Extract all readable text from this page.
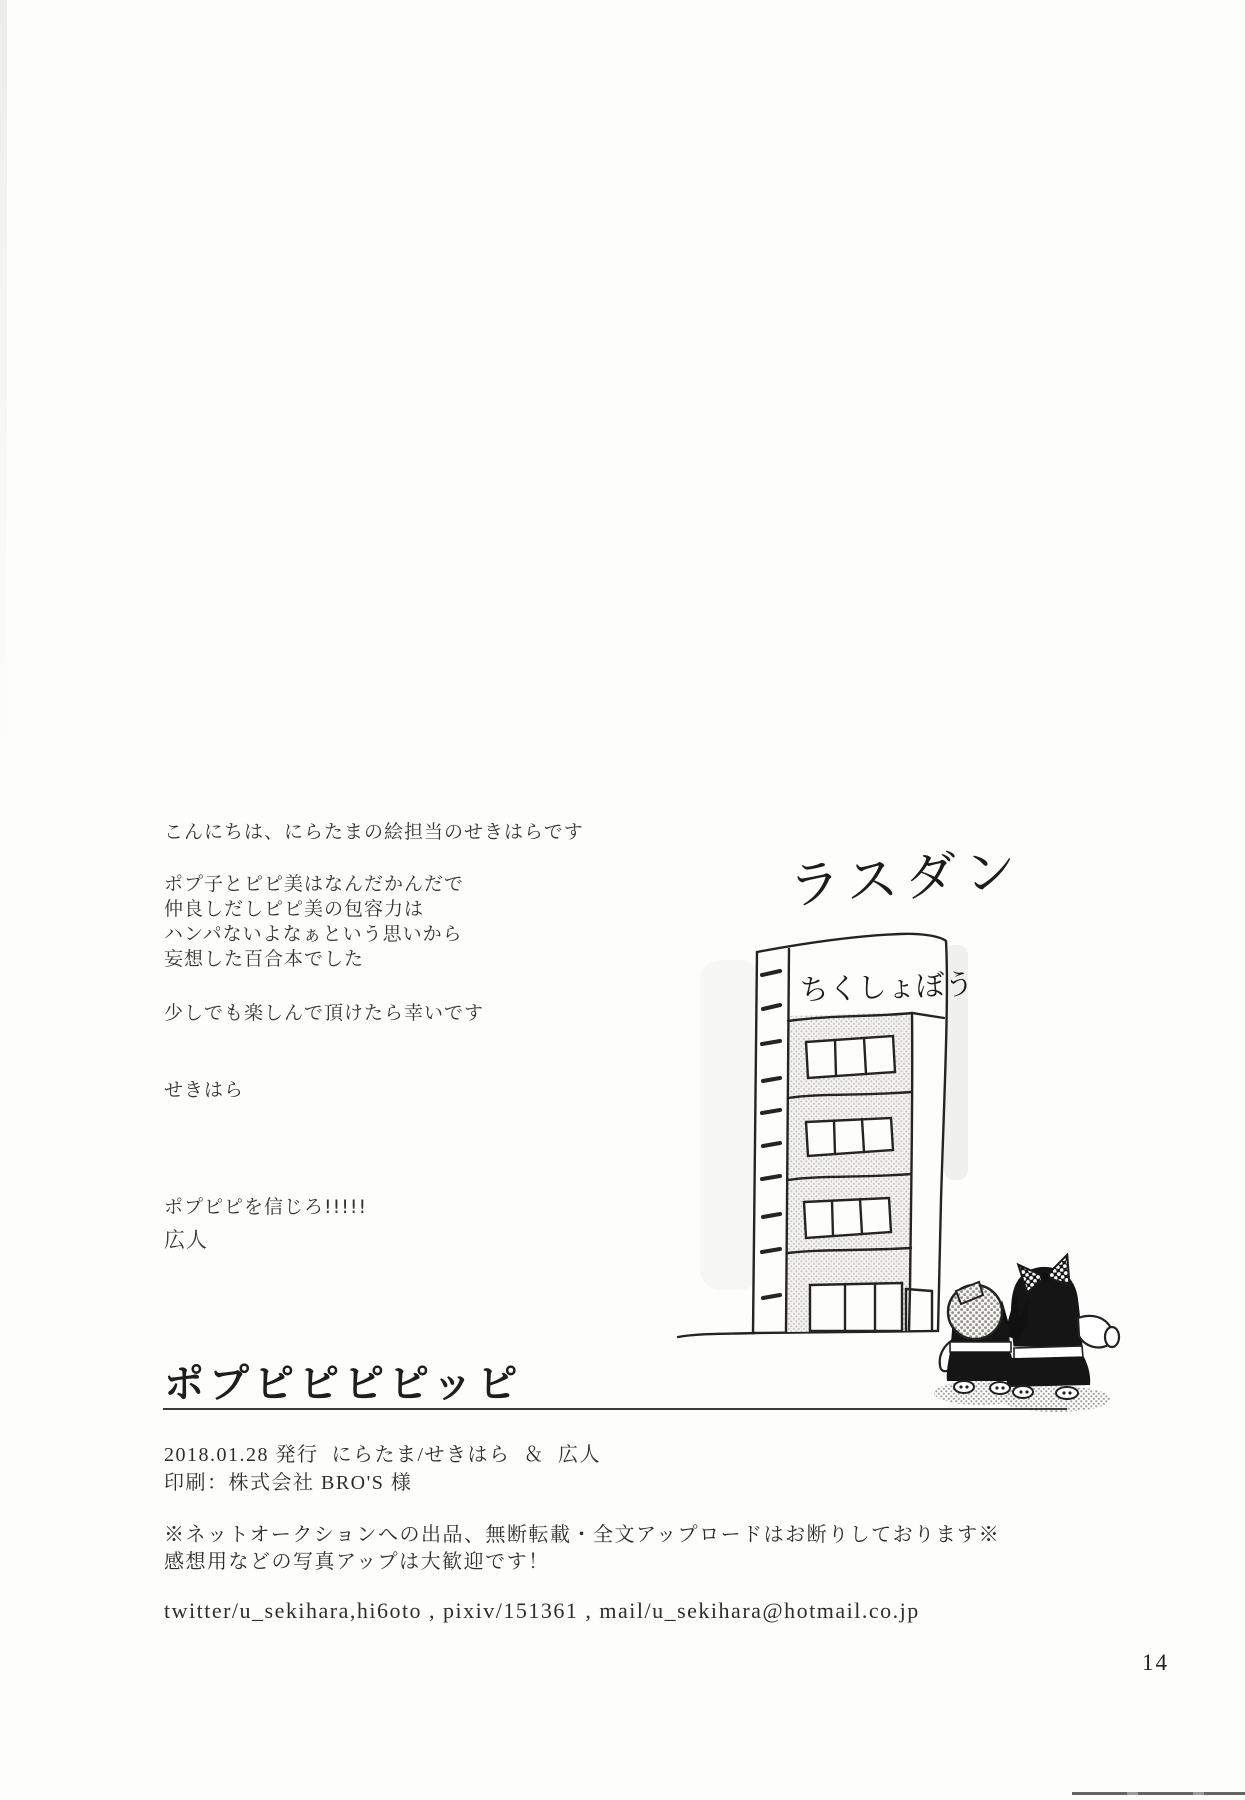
こんにちは、にらたまの絵担当のせきはらです
ポプ子とピピ美はなんだかんだで
仲良しだしピピ美の包容力は
ハンパないよなぁという思いから
妄想した百合本でした
少しでも楽しんで頂けたら幸いです
せきはら
ポプピピを信じろ!!!!!
広人
ラスダン
ちくしょぼう
ポプピピピピッピ
2018.01.28 発行  にらたま/せきはら  ＆  広人
印刷：株式会社 BRO'S 様
※ネットオークションへの出品、無断転載・全文アップロードはお断りしております※
感想用などの写真アップは大歓迎です！
twitter/u_sekihara,hi6oto , pixiv/151361 , mail/u_sekihara@hotmail.co.jp
14
